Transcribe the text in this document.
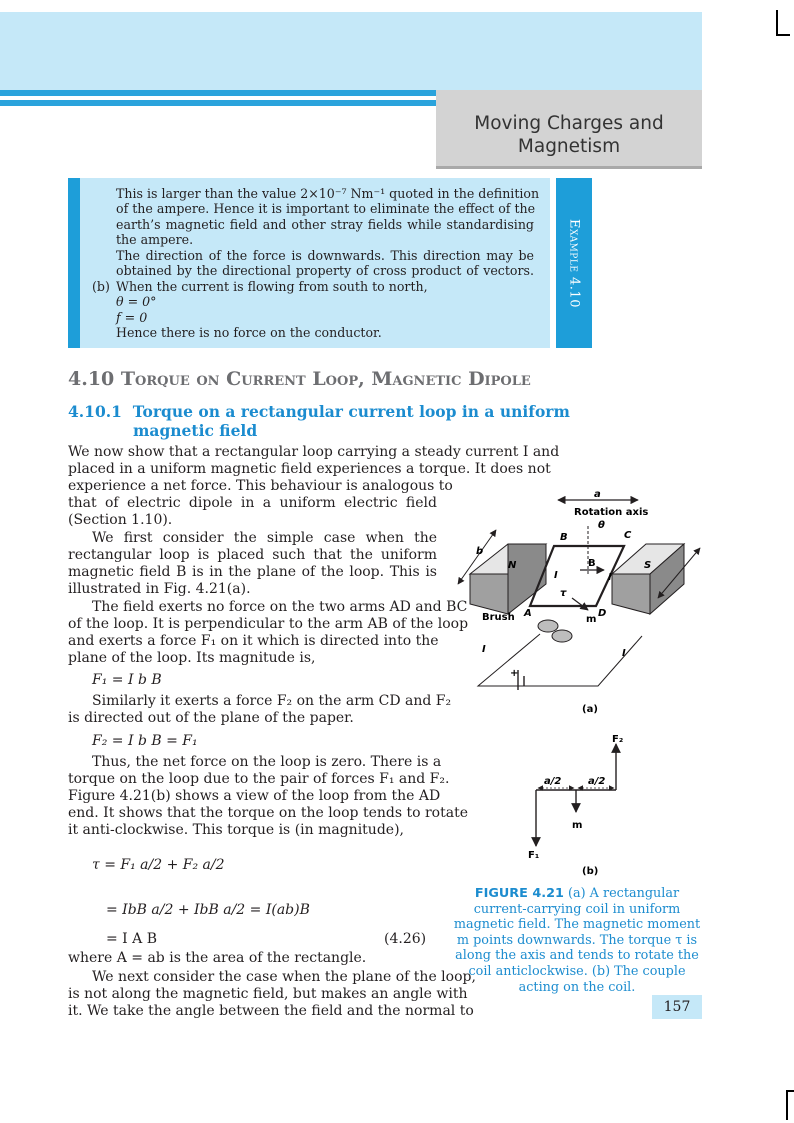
Moving Charges and
Magnetism
Example 4.10
This is larger than the value 2×10⁻⁷ Nm⁻¹ quoted in the definition
of the ampere. Hence it is important to eliminate the effect of the
earth’s magnetic field and other stray fields while standardising
the ampere.
The direction of the force is downwards. This direction may be
obtained by the directional property of cross product of vectors.
(b) When the current is flowing from south to north,
θ = 0°
f = 0
Hence there is no force on the conductor.
4.10 Torque on Current Loop, Magnetic Dipole
4.10.1 Torque on a rectangular current loop in a uniform
magnetic field
We now show that a rectangular loop carrying a steady current I and
placed in a uniform magnetic field experiences a torque. It does not
experience a net force. This behaviour is analogous to
that of electric dipole in a uniform electric field
(Section 1.10).
We first consider the simple case when the
rectangular loop is placed such that the uniform
magnetic field B is in the plane of the loop. This is
illustrated in Fig. 4.21(a).
The field exerts no force on the two arms AD and BC
of the loop. It is perpendicular to the arm AB of the loop
and exerts a force F₁ on it which is directed into the
plane of the loop. Its magnitude is,
F₁ = I b B
Similarly it exerts a force F₂ on the arm CD and F₂
is directed out of the plane of the paper.
F₂ = I b B = F₁
Thus, the net force on the loop is zero. There is a
torque on the loop due to the pair of forces F₁ and F₂.
Figure 4.21(b) shows a view of the loop from the AD
end. It shows that the torque on the loop tends to rotate
it anti-clockwise. This torque is (in magnitude),
τ = F₁ a/2 + F₂ a/2
= IbB a/2 + IbB a/2 = I(ab)B
= I A B	(4.26)
where A = ab is the area of the rectangle.
We next consider the case when the plane of the loop,
is not along the magnetic field, but makes an angle with
it. We take the angle between the field and the normal to
a
Rotation axis
N	S
b
B	C
A	D
θ
B
I	I
τ
m
Brush
+
I	I
(a)
F₂
a/2	a/2
m
F₁
(b)
FIGURE 4.21 (a) A rectangular current-carrying coil in uniform magnetic field. The magnetic moment m points downwards. The torque τ is along the axis and tends to rotate the coil anticlockwise. (b) The couple acting on the coil.
157
